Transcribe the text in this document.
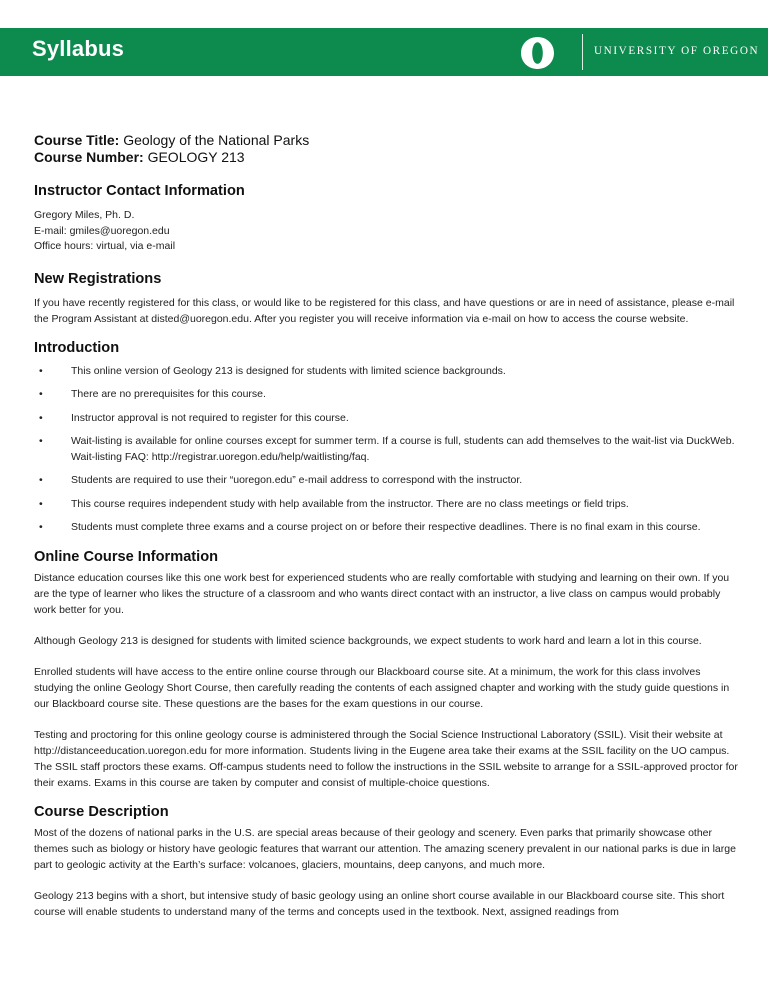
Syllabus	UNIVERSITY OF OREGON
Course Title: Geology of the National Parks
Course Number: GEOLOGY 213
Instructor Contact Information

Gregory Miles, Ph. D.

E-mail: gmiles@uoregon.edu

Office hours: virtual, via e-mail

New Registrations

If you have recently registered for this class, or would like to be registered for this class, and have questions or are in need of assistance, please e-mail the Program Assistant at disted@uoregon.edu. After you register you will receive information via e-mail on how to access the course website.

Introduction
•	This online version of Geology 213 is designed for students with limited science backgrounds.
•	There are no prerequisites for this course.
•	Instructor approval is not required to register for this course.
•	Wait-listing is available for online courses except for summer term. If a course is full, students can add themselves to the wait-list via DuckWeb. Wait-listing FAQ: http://registrar.uoregon.edu/help/waitlisting/faq.
•	Students are required to use their “uoregon.edu” e-mail address to correspond with the instructor.
•	This course requires independent study with help available from the instructor. There are no class meetings or field trips.
•	Students must complete three exams and a course project on or before their respective deadlines. There is no final exam in this course.
Online Course Information

Distance education courses like this one work best for experienced students who are really comfortable with studying and learning on their own. If you are the type of learner who likes the structure of a classroom and who wants direct contact with an instructor, a live class on campus would probably work better for you.

Although Geology 213 is designed for students with limited science backgrounds, we expect students to work hard and learn a lot in this course.

Enrolled students will have access to the entire online course through our Blackboard course site. At a minimum, the work for this class involves studying the online Geology Short Course, then carefully reading the contents of each assigned chapter and working with the study guide questions in our Blackboard course site. These questions are the bases for the exam questions in our course.

Testing and proctoring for this online geology course is administered through the Social Science Instructional Laboratory (SSIL). Visit their website at http://distanceeducation.uoregon.edu for more information. Students living in the Eugene area take their exams at the SSIL facility on the UO campus. The SSIL staff proctors these exams. Off-campus students need to follow the instructions in the SSIL website to arrange for a SSIL-approved proctor for their exams. Exams in this course are taken by computer and consist of multiple-choice questions.

Course Description

Most of the dozens of national parks in the U.S. are special areas because of their geology and scenery. Even parks that primarily showcase other themes such as biology or history have geologic features that warrant our attention. The amazing scenery prevalent in our national parks is due in large part to geologic activity at the Earth’s surface: volcanoes, glaciers, mountains, deep canyons, and much more.

Geology 213 begins with a short, but intensive study of basic geology using an online short course available in our Blackboard course site. This short course will enable students to understand many of the terms and concepts used in the textbook. Next, assigned readings from
